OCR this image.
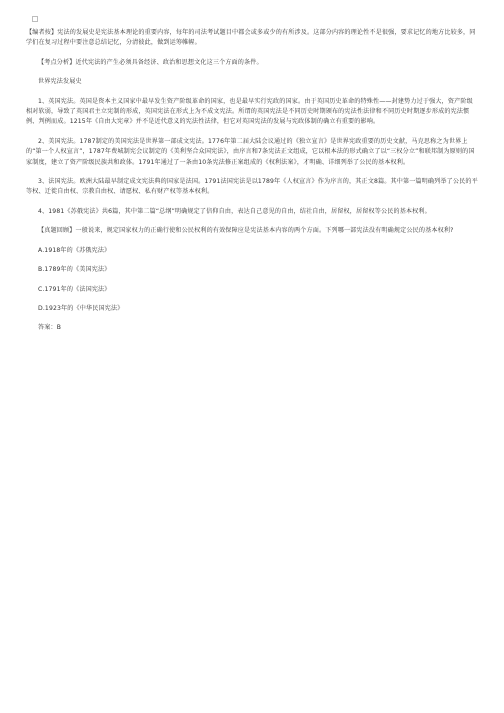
【编者按】宪法的发展史是宪法基本理论的重要内容，每年的司法考试题目中都会或多或少的有所涉及。这部分内容的理论性不是很强，要求记忆的地方比较多，同学们在复习过程中要注意总结记忆，分清彼此，做到运筹帷幄。

【考点分析】近代宪法的产生必须具备经济、政治和思想文化这三个方面的条件。

世界宪法发展史

1、英国宪法。英国是资本主义国家中最早发生资产阶级革命的国家，也是最早实行宪政的国家。由于英国历史革命的特殊性——封建势力过于强大，资产阶级相对软弱，导致了英国君主立宪制的形成，英国宪法在形式上为不成文宪法。所谓的英国宪法是不同历史时期颁布的宪法性法律和不同历史时期逐步形成的宪法惯例、判例而成。1215年《自由大宪章》并不是近代意义的宪法性法律，但它对英国宪法的发展与宪政体制的确立有重要的影响。

2、美国宪法。1787制定的美国宪法是世界第一部成文宪法。1776年第二届大陆会议通过的《独立宣言》是世界宪政重要的历史文献，马克思称之为世界上的“第一个人权宣言”，1787年费城制宪会议制定的《美利坚合众国宪法》，由序言和7条宪法正文组成，它以根本法的形式确立了以“三权分立”和联邦制为原则的国家制度，建立了资产阶级民族共和政体。1791年通过了一条由10条宪法修正案组成的《权利法案》，才明确、详细列举了公民的基本权利。

3、法国宪法。欧洲大陆最早制定成文宪法典的国家是法国。1791法国宪法是以1789年《人权宣言》作为序言的，其正文8篇。其中第一篇明确列举了公民的平等权、迁徙自由权、宗教自由权、请愿权、私有财产权等基本权利。

4、1981《苏俄宪法》共6篇，其中第二篇“总纲”明确规定了信仰自由，表达自己意见的自由，结社自由，居留权，居留权等公民的基本权利。

【真题回顾】一般说来，规定国家权力的正确行使和公民权利的有效保障应是宪法基本内容的两个方面。下列哪一部宪法没有明确规定公民的基本权利?

A.1918年的《苏俄宪法》

B.1789年的《美国宪法》

C.1791年的《法国宪法》

D.1923年的《中华民国宪法》

答案：B
